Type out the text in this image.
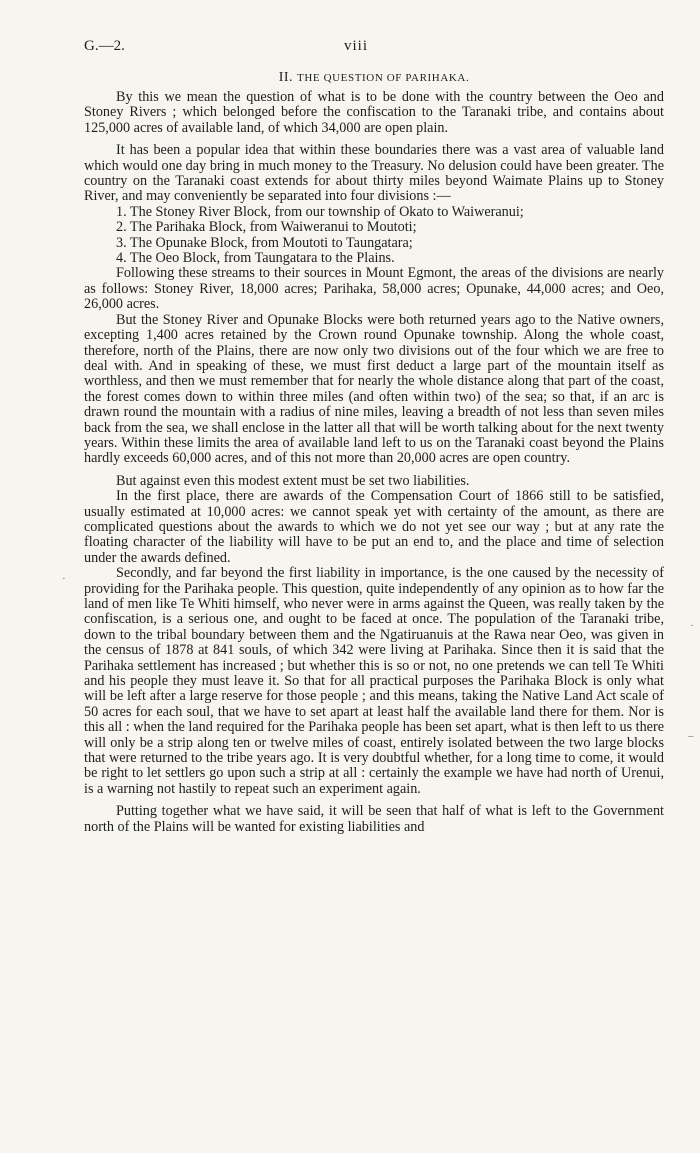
G.—2.	viii
II. THE QUESTION OF PARIHAKA.

By this we mean the question of what is to be done with the country between the Oeo and Stoney Rivers ; which belonged before the confiscation to the Taranaki tribe, and contains about 125,000 acres of available land, of which 34,000 are open plain.

It has been a popular idea that within these boundaries there was a vast area of valuable land which would one day bring in much money to the Treasury. No delusion could have been greater. The country on the Taranaki coast extends for about thirty miles beyond Waimate Plains up to Stoney River, and may conveniently be separated into four divisions :—

1. The Stoney River Block, from our township of Okato to Waiweranui;
2. The Parihaka Block, from Waiweranui to Moutoti;
3. The Opunake Block, from Moutoti to Taungatara;
4. The Oeo Block, from Taungatara to the Plains.

Following these streams to their sources in Mount Egmont, the areas of the divisions are nearly as follows: Stoney River, 18,000 acres; Parihaka, 58,000 acres; Opunake, 44,000 acres; and Oeo, 26,000 acres.

But the Stoney River and Opunake Blocks were both returned years ago to the Native owners, excepting 1,400 acres retained by the Crown round Opunake township. Along the whole coast, therefore, north of the Plains, there are now only two divisions out of the four which we are free to deal with. And in speaking of these, we must first deduct a large part of the mountain itself as worthless, and then we must remember that for nearly the whole distance along that part of the coast, the forest comes down to within three miles (and often within two) of the sea; so that, if an arc is drawn round the mountain with a radius of nine miles, leaving a breadth of not less than seven miles back from the sea, we shall enclose in the latter all that will be worth talking about for the next twenty years. Within these limits the area of available land left to us on the Taranaki coast beyond the Plains hardly exceeds 60,000 acres, and of this not more than 20,000 acres are open country.

But against even this modest extent must be set two liabilities.

In the first place, there are awards of the Compensation Court of 1866 still to be satisfied, usually estimated at 10,000 acres: we cannot speak yet with certainty of the amount, as there are complicated questions about the awards to which we do not yet see our way ; but at any rate the floating character of the liability will have to be put an end to, and the place and time of selection under the awards defined.

Secondly, and far beyond the first liability in importance, is the one caused by the necessity of providing for the Parihaka people. This question, quite independently of any opinion as to how far the land of men like Te Whiti himself, who never were in arms against the Queen, was really taken by the confiscation, is a serious one, and ought to be faced at once. The population of the Taranaki tribe, down to the tribal boundary between them and the Ngatiruanuis at the Rawa near Oeo, was given in the census of 1878 at 841 souls, of which 342 were living at Parihaka. Since then it is said that the Parihaka settlement has increased ; but whether this is so or not, no one pretends we can tell Te Whiti and his people they must leave it. So that for all practical purposes the Parihaka Block is only what will be left after a large reserve for those people ; and this means, taking the Native Land Act scale of 50 acres for each soul, that we have to set apart at least half the available land there for them. Nor is this all : when the land required for the Parihaka people has been set apart, what is then left to us there will only be a strip along ten or twelve miles of coast, entirely isolated between the two large blocks that were returned to the tribe years ago. It is very doubtful whether, for a long time to come, it would be right to let settlers go upon such a strip at all : certainly the example we have had north of Urenui, is a warning not hastily to repeat such an experiment again.

Putting together what we have said, it will be seen that half of what is left to the Government north of the Plains will be wanted for existing liabilities and

·
·
‒
